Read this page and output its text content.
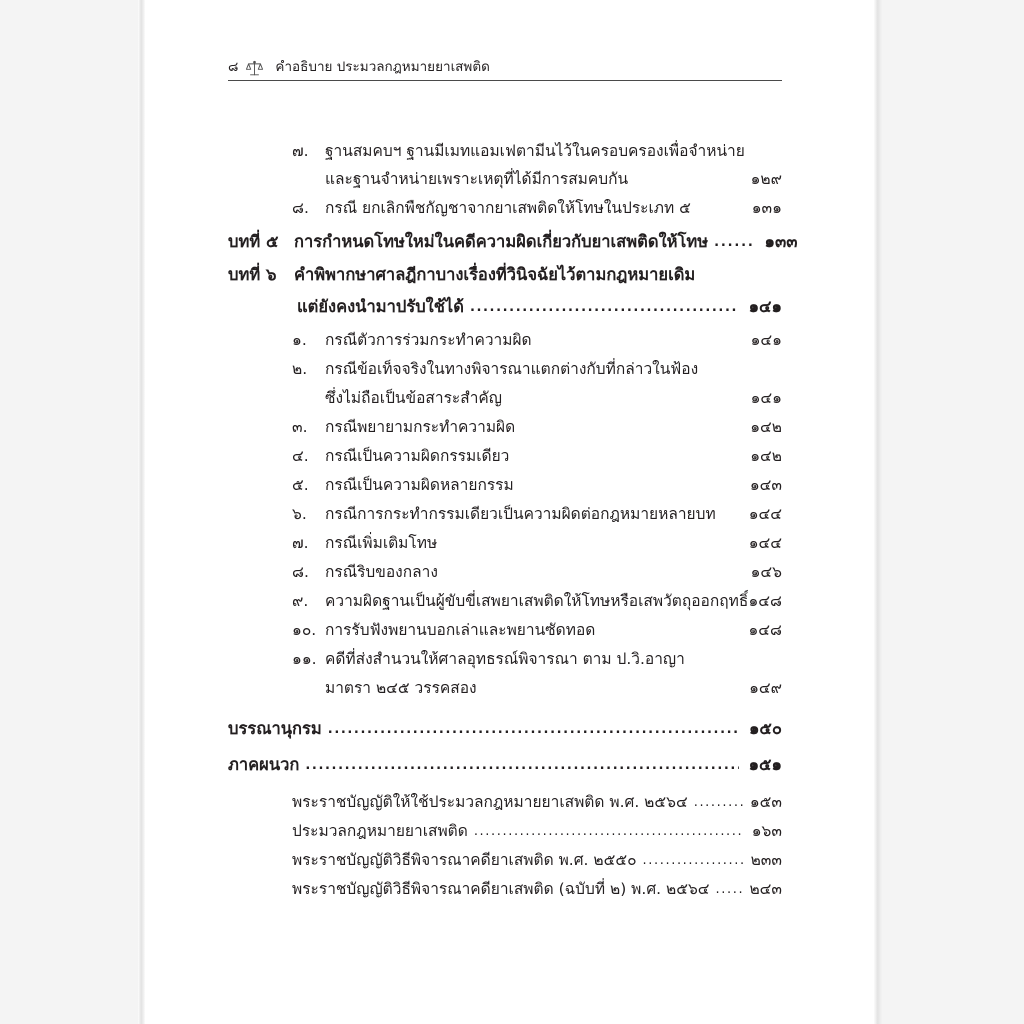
๘	คำอธิบาย ประมวลกฎหมายยาเสพติด
๗.	ฐานสมคบฯ ฐานมีเมทแอมเฟตามีนไว้ในครอบครองเพื่อจำหน่าย
และฐานจำหน่ายเพราะเหตุที่ได้มีการสมคบกัน	๑๒๙
๘.	กรณี ยกเลิกพืชกัญชาจากยาเสพติดให้โทษในประเภท ๕	๑๓๑
บทที่ ๕ การกำหนดโทษใหม่ในคดีความผิดเกี่ยวกับยาเสพติดให้โทษ ......	๑๓๓
บทที่ ๖	คำพิพากษาศาลฎีกาบางเรื่องที่วินิจฉัยไว้ตามกฎหมายเดิม
แต่ยังคงนำมาปรับใช้ได้ .....	๑๔๑
๑.	กรณีตัวการร่วมกระทำความผิด	๑๔๑
๒.	กรณีข้อเท็จจริงในทางพิจารณาแตกต่างกับที่กล่าวในฟ้อง
ซึ่งไม่ถือเป็นข้อสาระสำคัญ	๑๔๑
๓.	กรณีพยายามกระทำความผิด	๑๔๒
๔.	กรณีเป็นความผิดกรรมเดียว	๑๔๒
๕.	กรณีเป็นความผิดหลายกรรม	๑๔๓
๖.	กรณีการกระทำกรรมเดียวเป็นความผิดต่อกฎหมายหลายบท	๑๔๔
๗.	กรณีเพิ่มเติมโทษ	๑๔๔
๘.	กรณีริบของกลาง	๑๔๖
๙.	ความผิดฐานเป็นผู้ขับขี่เสพยาเสพติดให้โทษหรือเสพวัตถุออกฤทธิ์ ๑๔๘
๑๐. การรับฟังพยานบอกเล่าและพยานซัดทอด	๑๔๘
๑๑. คดีที่ส่งสำนวนให้ศาลอุทธรณ์พิจารณา ตาม ป.วิ.อาญา
มาตรา ๒๔๕ วรรคสอง	๑๔๙
บรรณานุกรม .....	๑๕๐
ภาคผนวก .....	๑๕๑
พระราชบัญญัติให้ใช้ประมวลกฎหมายยาเสพติด พ.ศ. ๒๕๖๔ .....	๑๕๓
ประมวลกฎหมายยาเสพติด .....	๑๖๓
พระราชบัญญัติวิธีพิจารณาคดียาเสพติด พ.ศ. ๒๕๕๐ .....	๒๓๓
พระราชบัญญัติวิธีพิจารณาคดียาเสพติด (ฉบับที่ ๒) พ.ศ. ๒๕๖๔ .....	๒๔๓
